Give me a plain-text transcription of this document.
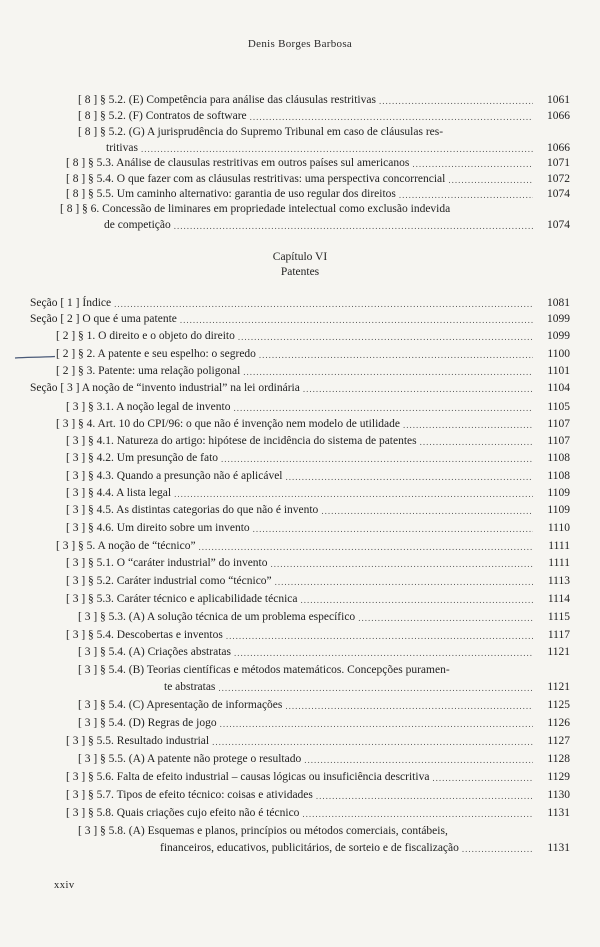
Denis Borges Barbosa
[ 8 ] § 5.2. (E) Competência para análise das cláusulas restritivas .....	1061
[ 8 ] § 5.2. (F) Contratos de software .....	1066
[ 8 ] § 5.2. (G) A jurisprudência do Supremo Tribunal em caso de cláusulas res-
tritivas .....	1066
[ 8 ] § 5.3. Análise de clausulas restritivas em outros países sul americanos .....	1071
[ 8 ] § 5.4. O que fazer com as cláusulas restritivas: uma perspectiva concorrencial .....	1072
[ 8 ] § 5.5. Um caminho alternativo: garantia de uso regular dos direitos .....	1074
[ 8 ] § 6. Concessão de liminares em propriedade intelectual como exclusão indevida
de competição .....	1074
Capítulo VI
Patentes
Seção [ 1 ] Índice .....	1081
Seção [ 2 ] O que é uma patente .....	1099
[ 2 ] § 1. O direito e o objeto do direito .....	1099
[ 2 ] § 2. A patente e seu espelho: o segredo .....	1100
[ 2 ] § 3. Patente: uma relação poligonal .....	1101
Seção [ 3 ] A noção de “invento industrial” na lei ordinária .....	1104
[ 3 ] § 3.1. A noção legal de invento .....	1105
[ 3 ] § 4. Art. 10 do CPI/96: o que não é invenção nem modelo de utilidade .....	1107
[ 3 ] § 4.1. Natureza do artigo: hipótese de incidência do sistema de patentes .....	1107
[ 3 ] § 4.2. Um presunção de fato .....	1108
[ 3 ] § 4.3. Quando a presunção não é aplicável .....	1108
[ 3 ] § 4.4. A lista legal .....	1109
[ 3 ] § 4.5. As distintas categorias do que não é invento .....	1109
[ 3 ] § 4.6. Um direito sobre um invento .....	1110
[ 3 ] § 5. A noção de “técnico” .....	1111
[ 3 ] § 5.1. O “caráter industrial” do invento .....	1111
[ 3 ] § 5.2. Caráter industrial como “técnico” .....	1113
[ 3 ] § 5.3. Caráter técnico e aplicabilidade técnica .....	1114
[ 3 ] § 5.3. (A) A solução técnica de um problema específico .....	1115
[ 3 ] § 5.4. Descobertas e inventos .....	1117
[ 3 ] § 5.4. (A) Criações abstratas .....	1121
[ 3 ] § 5.4. (B) Teorias científicas e métodos matemáticos. Concepções puramen-
te abstratas .....	1121
[ 3 ] § 5.4. (C) Apresentação de informações .....	1125
[ 3 ] § 5.4. (D) Regras de jogo .....	1126
[ 3 ] § 5.5. Resultado industrial .....	1127
[ 3 ] § 5.5. (A) A patente não protege o resultado .....	1128
[ 3 ] § 5.6. Falta de efeito industrial – causas lógicas ou insuficiência descritiva .....	1129
[ 3 ] § 5.7. Tipos de efeito técnico: coisas e atividades .....	1130
[ 3 ] § 5.8. Quais criações cujo efeito não é técnico .....	1131
[ 3 ] § 5.8. (A) Esquemas e planos, princípios ou métodos comerciais, contábeis,
financeiros, educativos, publicitários, de sorteio e de fiscalização .....	1131
xxiv
